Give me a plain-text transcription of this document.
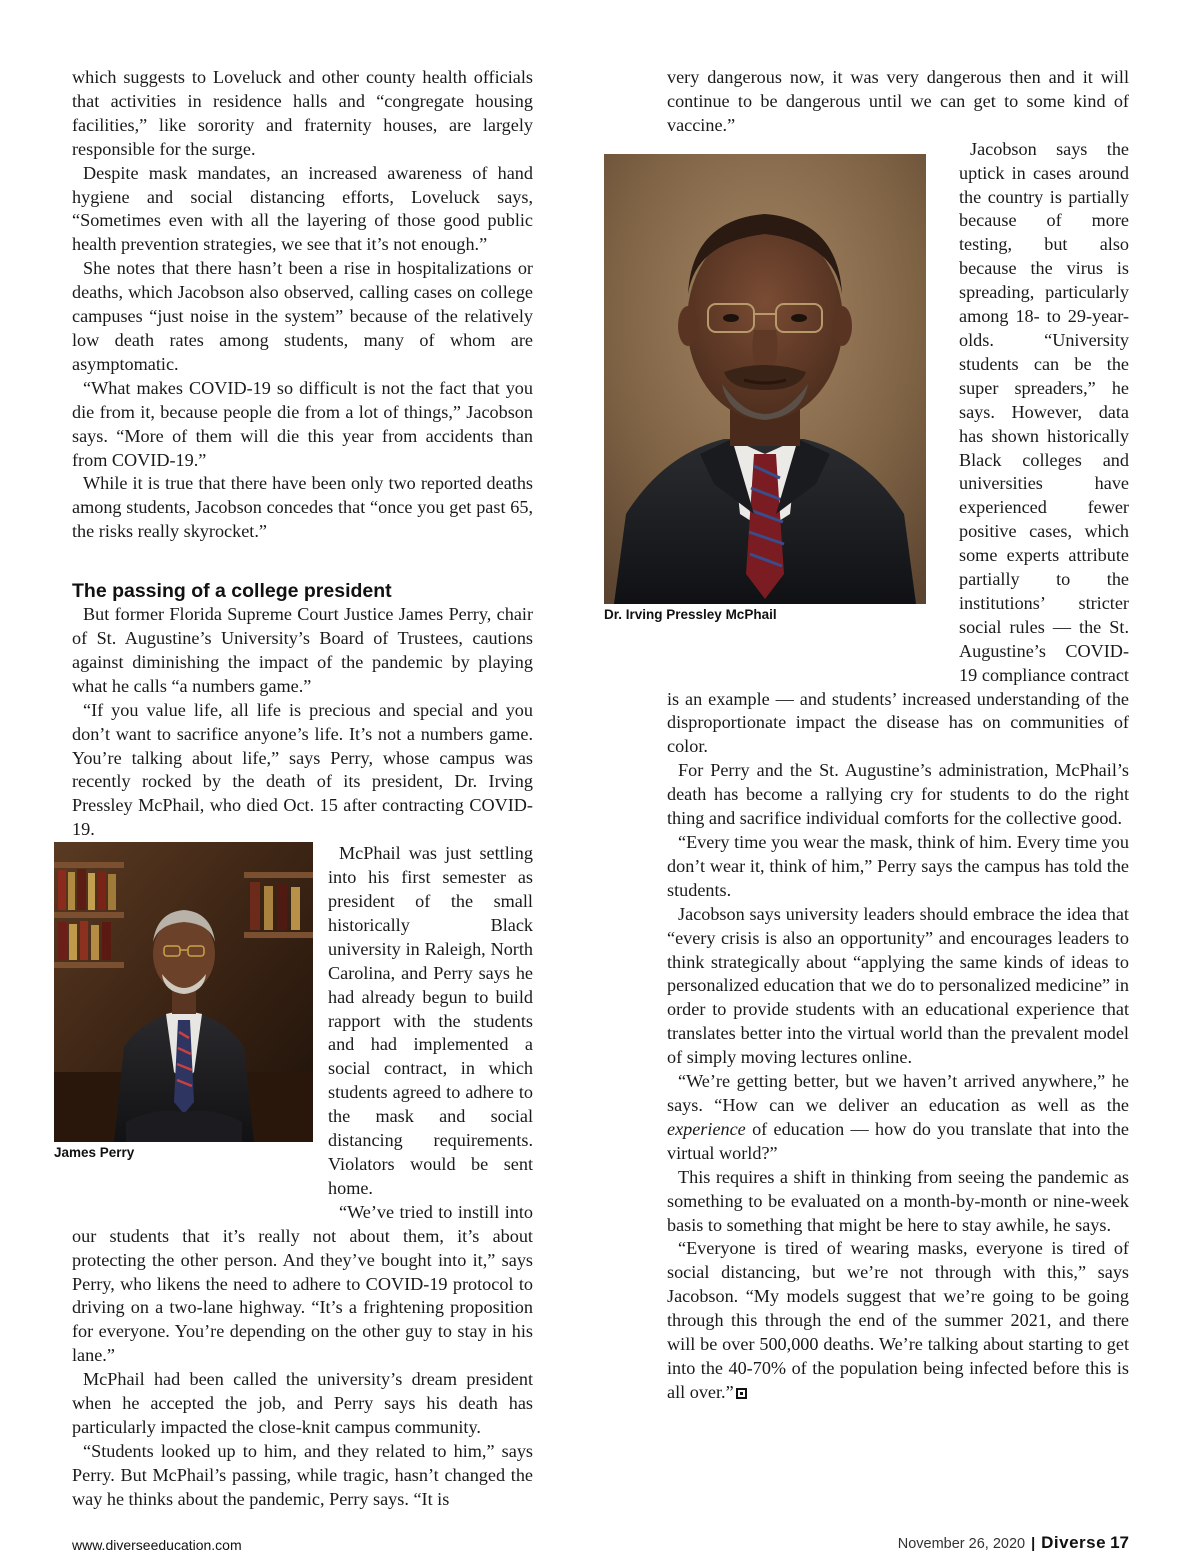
which suggests to Loveluck and other county health officials that activities in residence halls and “congregate housing facilities,” like sorority and fraternity houses, are largely responsible for the surge.

Despite mask mandates, an increased awareness of hand hygiene and social distancing efforts, Loveluck says, “Sometimes even with all the layering of those good public health prevention strategies, we see that it’s not enough.”

She notes that there hasn’t been a rise in hospitalizations or deaths, which Jacobson also observed, calling cases on college campuses “just noise in the system” because of the relatively low death rates among students, many of whom are asymptomatic.

“What makes COVID-19 so difficult is not the fact that you die from it, because people die from a lot of things,” Jacobson says. “More of them will die this year from accidents than from COVID-19.”

While it is true that there have been only two reported deaths among students, Jacobson concedes that “once you get past 65, the risks really skyrocket.”

The passing of a college president

But former Florida Supreme Court Justice James Perry, chair of St. Augustine’s University’s Board of Trustees, cautions against diminishing the impact of the pandemic by playing what he calls “a numbers game.”

“If you value life, all life is precious and special and you don’t want to sacrifice anyone’s life. It’s not a numbers game. You’re talking about life,” says Perry, whose campus was recently rocked by the death of its president, Dr. Irving Pressley McPhail, who died Oct. 15 after contracting COVID-19.

James Perry

McPhail was just settling into his first semester as president of the small historically Black university in Raleigh, North Carolina, and Perry says he had already begun to build rapport with the students and had implemented a social contract, in which students agreed to adhere to the mask and social distancing requirements. Violators would be sent home.

“We’ve tried to instill into our students that it’s really not about them, it’s about protecting the other person. And they’ve bought into it,” says Perry, who likens the need to adhere to COVID-19 protocol to driving on a two-lane highway. “It’s a frightening proposition for everyone. You’re depending on the other guy to stay in his lane.”

McPhail had been called the university’s dream president when he accepted the job, and Perry says his death has particularly impacted the close-knit campus community.

“Students looked up to him, and they related to him,” says Perry. But McPhail’s passing, while tragic, hasn’t changed the way he thinks about the pandemic, Perry says. “It is

very dangerous now, it was very dangerous then and it will continue to be dangerous until we can get to some kind of vaccine.”

Dr. Irving Pressley McPhail

Jacobson says the uptick in cases around the country is partially because of more testing, but also because the virus is spreading, particularly among 18- to 29-year-olds. “University students can be the super spreaders,” he says. However, data has shown historically Black colleges and universities have experienced fewer positive cases, which some experts attribute partially to the institutions’ stricter social rules — the St. Augustine’s COVID-19 compliance contract is an example — and students’ increased understanding of the disproportionate impact the disease has on communities of color.

For Perry and the St. Augustine’s administration, McPhail’s death has become a rallying cry for students to do the right thing and sacrifice individual comforts for the collective good.

“Every time you wear the mask, think of him. Every time you don’t wear it, think of him,” Perry says the campus has told the students.

Jacobson says university leaders should embrace the idea that “every crisis is also an opportunity” and encourages leaders to think strategically about “applying the same kinds of ideas to personalized education that we do to personalized medicine” in order to provide students with an educational experience that translates better into the virtual world than the prevalent model of simply moving lectures online.

“We’re getting better, but we haven’t arrived anywhere,” he says. “How can we deliver an education as well as the experience of education — how do you translate that into the virtual world?”

This requires a shift in thinking from seeing the pandemic as something to be evaluated on a month-by-month or nine-week basis to something that might be here to stay awhile, he says.

“Everyone is tired of wearing masks, everyone is tired of social distancing, but we’re not through with this,” says Jacobson. “My models suggest that we’re going to be going through this through the end of the summer 2021, and there will be over 500,000 deaths. We’re talking about starting to get into the 40-70% of the population being infected before this is all over.”

www.diverseeducation.com	November 26, 2020 | Diverse 17
